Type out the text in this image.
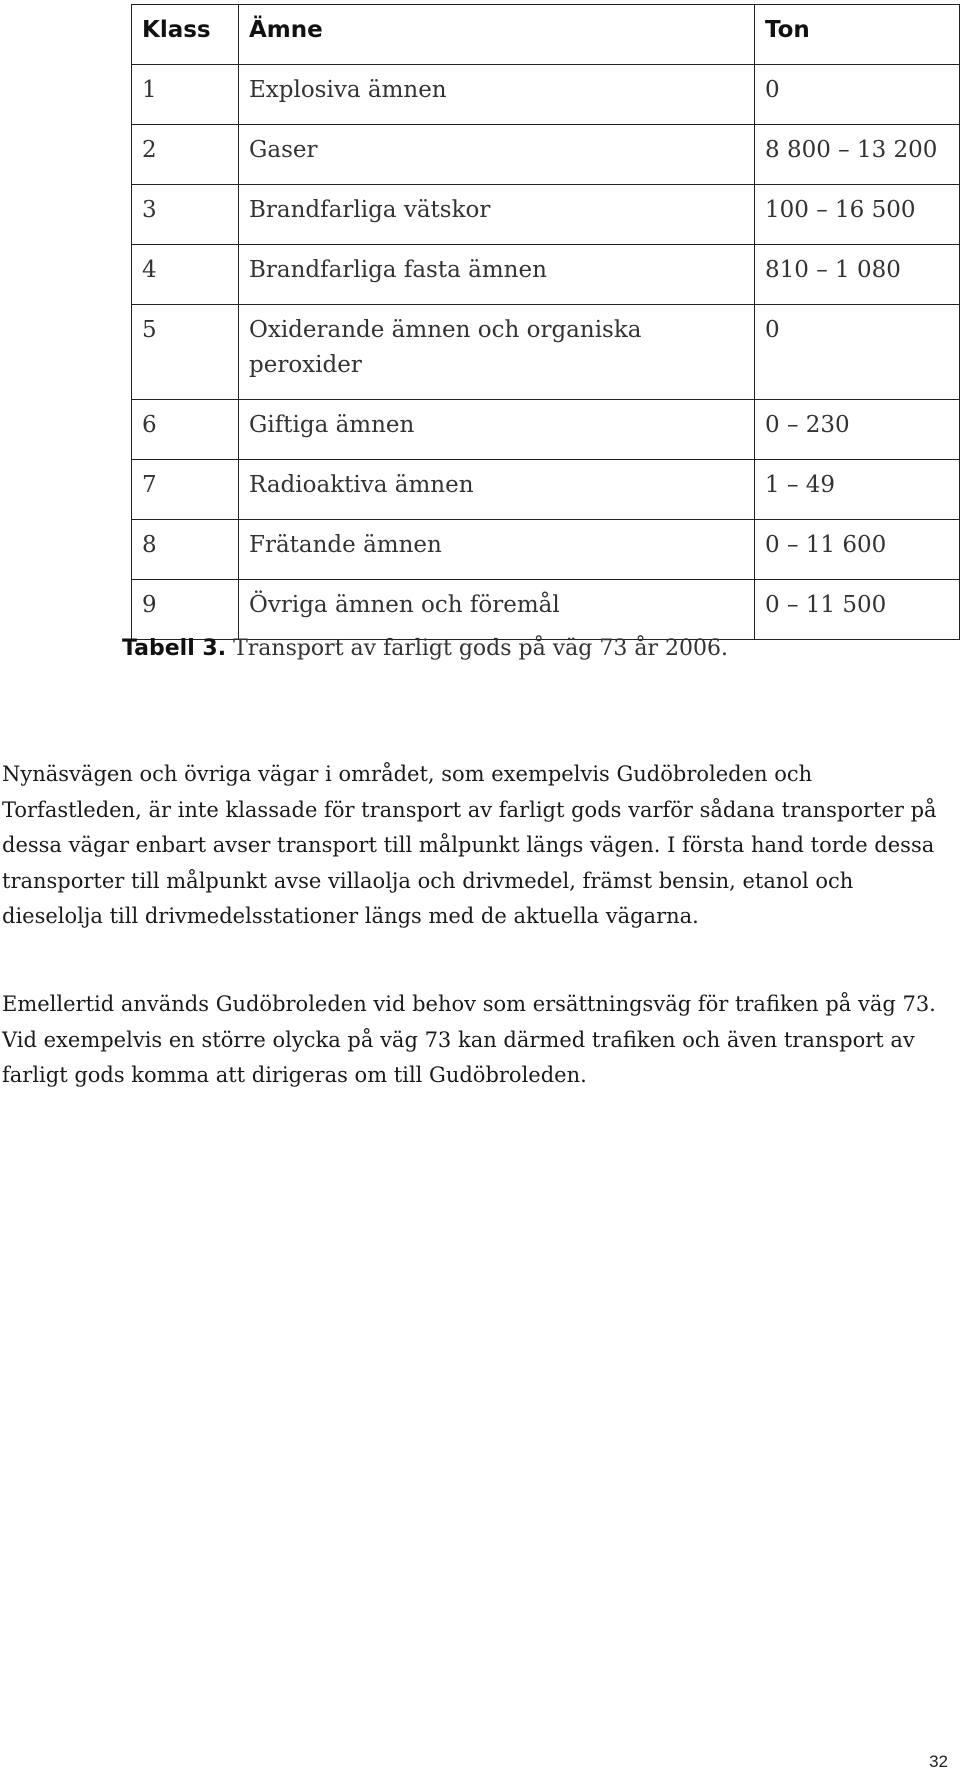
Klass	Ämne	Ton
1	Explosiva ämnen	0
2	Gaser	8 800 – 13 200
3	Brandfarliga vätskor	100 – 16 500
4	Brandfarliga fasta ämnen	810 – 1 080
5	Oxiderande ämnen och organiska peroxider	0
6	Giftiga ämnen	0 – 230
7	Radioaktiva ämnen	1 – 49
8	Frätande ämnen	0 – 11 600
9	Övriga ämnen och föremål	0 – 11 500
Tabell 3. Transport av farligt gods på väg 73 år 2006.

Nynäsvägen och övriga vägar i området, som exempelvis Gudöbroleden och Torfastleden, är inte klassade för transport av farligt gods varför sådana transporter på dessa vägar enbart avser transport till målpunkt längs vägen. I första hand torde dessa transporter till målpunkt avse villaolja och drivmedel, främst bensin, etanol och dieselolja till drivmedelsstationer längs med de aktuella vägarna.

Emellertid används Gudöbroleden vid behov som ersättningsväg för trafiken på väg 73. Vid exempelvis en större olycka på väg 73 kan därmed trafiken och även transport av farligt gods komma att dirigeras om till Gudöbroleden.

32
